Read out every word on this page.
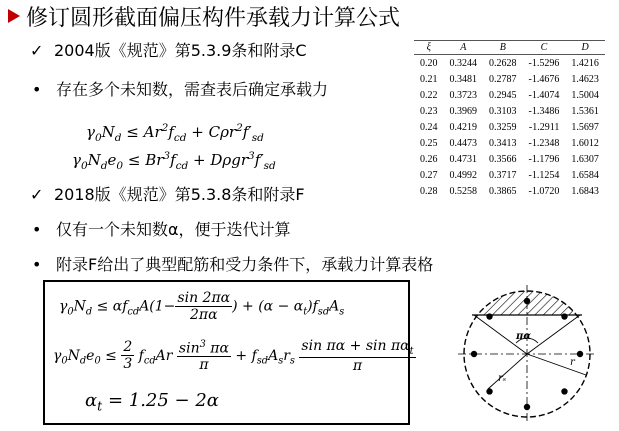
修订圆形截面偏压构件承载力计算公式
✓ 2004版《规范》第5.3.9条和附录C
• 存在多个未知数，需查表后确定承载力
$\gamma_0N_d \le Ar^2f_{cd} + C\rho r^2f'_{sd}$
$\gamma_0N_de_0 \le Br^3f_{cd} + D\rho gr^3f'_{sd}$
✓ 2018版《规范》第5.3.8条和附录F
• 仅有一个未知数α，便于迭代计算
• 附录F给出了典型配筋和受力条件下，承载力计算表格
ξ	A	B	C	D
0.20	0.3244	0.2628	-1.5296	1.4216
0.21	0.3481	0.2787	-1.4676	1.4623
0.22	0.3723	0.2945	-1.4074	1.5004
0.23	0.3969	0.3103	-1.3486	1.5361
0.24	0.4219	0.3259	-1.2911	1.5697
0.25	0.4473	0.3413	-1.2348	1.6012
0.26	0.4731	0.3566	-1.1796	1.6307
0.27	0.4992	0.3717	-1.1254	1.6584
0.28	0.5258	0.3865	-1.0720	1.6843
$\gamma_0N_d \le \alpha f_{cd}A(1- \frac{\sin 2\pi\alpha}{2\pi\alpha}$ ) + $(\alpha - \alpha_t)f_{sd}A_s$
$\gamma_0N_de_0 \le \frac{2}{3} f_{cd}Ar \frac{\sin^3 \pi\alpha}{\pi} + f_{sd}A_sr_s \frac{\sin \pi\alpha + \sin \pi\alpha_t}{\pi}$
$\alpha_t = 1.25 - 2\alpha$
πα
r
rₛ
